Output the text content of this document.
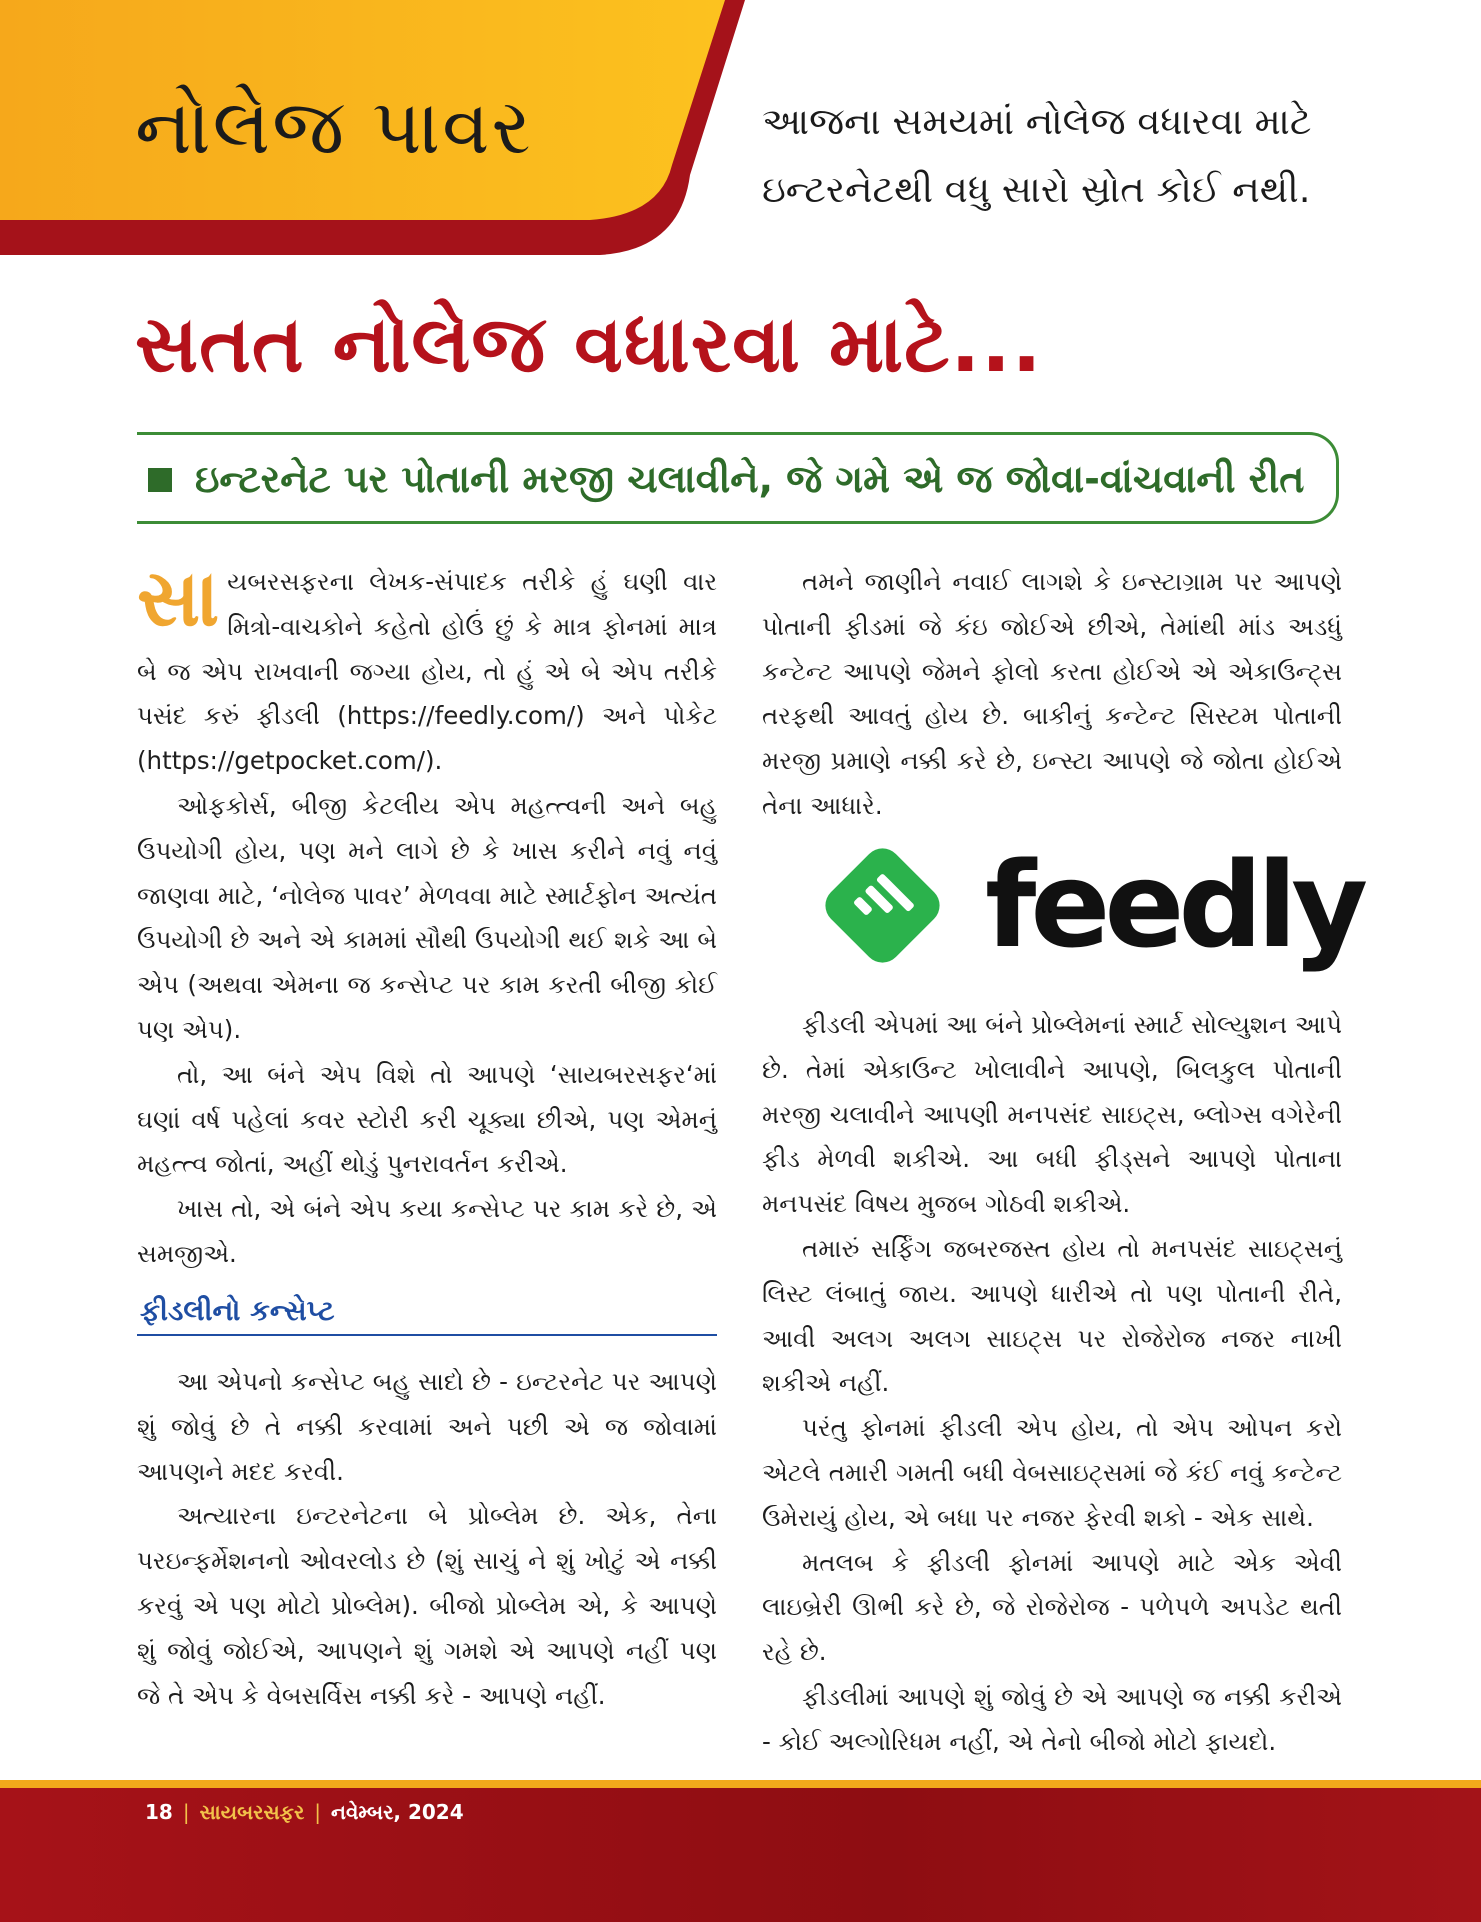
નોલેજ પાવર	આજના સમયમાં નોલેજ વધારવા માટે
ઇન્ટરનેટથી વધુ સારો સ્રોત કોઈ નથી.
સતત નોલેજ વધારવા માટે...
ઇન્ટરનેટ પર પોતાની મરજી ચલાવીને, જે ગમે એ જ જોવા-વાંચવાની રીત

સાયબરસફરના લેખક-સંપાદક તરીકે હું ઘણી વાર મિત્રો-વાચકોને કહેતો હોઉં છું કે માત્ર ફોનમાં માત્ર બે જ એપ રાખવાની જગ્યા હોય, તો હું એ બે એપ તરીકે પસંદ કરું ફીડલી (https://feedly.com/) અને પોકેટ (https://getpocket.com/).

ઓફકોર્સ, બીજી કેટલીય એપ મહત્ત્વની અને બહુ ઉપયોગી હોય, પણ મને લાગે છે કે ખાસ કરીને નવું નવું જાણવા માટે, ‘નોલેજ પાવર’ મેળવવા માટે સ્માર્ટફોન અત્યંત ઉપયોગી છે અને એ કામમાં સૌથી ઉપયોગી થઈ શકે આ બે એપ (અથવા એમના જ કન્સેપ્ટ પર કામ કરતી બીજી કોઈ પણ એપ).

તો, આ બંને એપ વિશે તો આપણે ‘સાયબરસફર‘માં ઘણાં વર્ષ પહેલાં કવર સ્ટોરી કરી ચૂક્યા છીએ, પણ એમનું મહત્ત્વ જોતાં, અહીં થોડું પુનરાવર્તન કરીએ.

ખાસ તો, એ બંને એપ કયા કન્સેપ્ટ પર કામ કરે છે, એ સમજીએ.

ફીડલીનો કન્સેપ્ટ

આ એપનો કન્સેપ્ટ બહુ સાદો છે - ઇન્ટરનેટ પર આપણે શું જોવું છે તે નક્કી કરવામાં અને પછી એ જ જોવામાં આપણને મદદ કરવી.

અત્યારના ઇન્ટરનેટના બે પ્રોબ્લેમ છે. એક, તેના પરઇન્ફર્મેશનનો ઓવરલોડ છે (શું સાચું ને શું ખોટું એ નક્કી કરવું એ પણ મોટો પ્રોબ્લેમ). બીજો પ્રોબ્લેમ એ, કે આપણે શું જોવું જોઈએ, આપણને શું ગમશે એ આપણે નહીં પણ જે તે એપ કે વેબસર્વિસ નક્કી કરે - આપણે નહીં.

તમને જાણીને નવાઈ લાગશે કે ઇન્સ્ટાગ્રામ પર આપણે પોતાની ફીડમાં જે કંઇ જોઈએ છીએ, તેમાંથી માંડ અડધું કન્ટેન્ટ આપણે જેમને ફોલો કરતા હોઈએ એ એકાઉન્ટ્સ તરફથી આવતું હોય છે. બાકીનું કન્ટેન્ટ સિસ્ટમ પોતાની મરજી પ્રમાણે નક્કી કરે છે, ઇન્સ્ટા આપણે જે જોતા હોઈએ તેના આધારે.

feedly

ફીડલી એપમાં આ બંને પ્રોબ્લેમનાં સ્માર્ટ સોલ્યુશન આપે છે. તેમાં એકાઉન્ટ ખોલાવીને આપણે, બિલકુલ પોતાની મરજી ચલાવીને આપણી મનપસંદ સાઇટ્સ, બ્લોગ્સ વગેરેની ફીડ મેળવી શકીએ. આ બધી ફીડ્સને આપણે પોતાના મનપસંદ વિષય મુજબ ગોઠવી શકીએ.

તમારું સર્ફિંગ જબરજસ્ત હોય તો મનપસંદ સાઇટ્સનું લિસ્ટ લંબાતું જાય. આપણે ધારીએ તો પણ પોતાની રીતે, આવી અલગ અલગ સાઇટ્સ પર રોજેરોજ નજર નાખી શકીએ નહીં.

પરંતુ ફોનમાં ફીડલી એપ હોય, તો એપ ઓપન કરો એટલે તમારી ગમતી બધી વેબસાઇટ્સમાં જે કંઈ નવું કન્ટેન્ટ ઉમેરાયું હોય, એ બધા પર નજર ફેરવી શકો - એક સાથે.

મતલબ કે ફીડલી ફોનમાં આપણે માટે એક એવી લાઇબ્રેરી ઊભી કરે છે, જે રોજેરોજ - પળેપળે અપડેટ થતી રહે છે.

ફીડલીમાં આપણે શું જોવું છે એ આપણે જ નક્કી કરીએ - કોઈ અલ્ગોરિધમ નહીં, એ તેનો બીજો મોટો ફાયદો.

18 | સાયબરસફર | નવેમ્બર, 2024
